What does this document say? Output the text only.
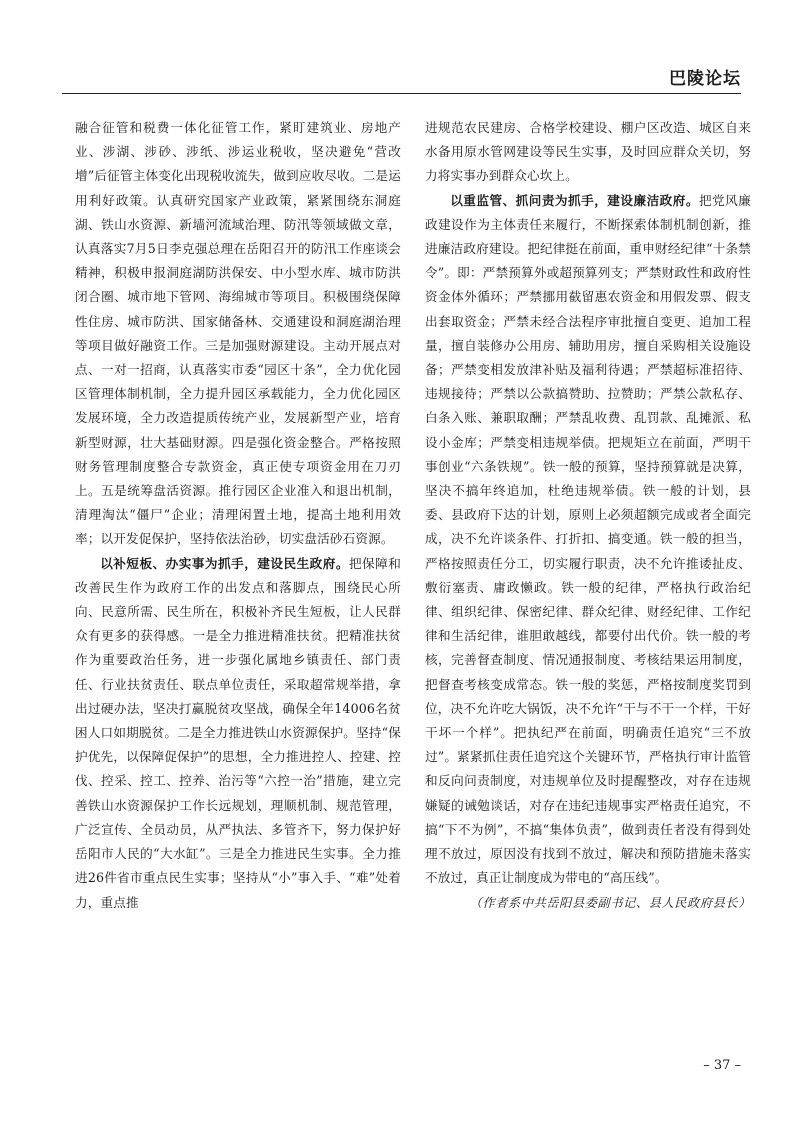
巴陵论坛

融合征管和税费一体化征管工作，紧盯建筑业、房地产业、涉湖、涉砂、涉纸、涉运业税收，坚决避免“营改增”后征管主体变化出现税收流失，做到应收尽收。二是运用利好政策。认真研究国家产业政策，紧紧围绕东洞庭湖、铁山水资源、新墙河流域治理、防汛等领域做文章，认真落实7月5日李克强总理在岳阳召开的防汛工作座谈会精神，积极申报洞庭湖防洪保安、中小型水库、城市防洪闭合圈、城市地下管网、海绵城市等项目。积极围绕保障性住房、城市防洪、国家储备林、交通建设和洞庭湖治理等项目做好融资工作。三是加强财源建设。主动开展点对点、一对一招商，认真落实市委“园区十条”，全力优化园区管理体制机制，全力提升园区承载能力，全力优化园区发展环境，全力改造提质传统产业，发展新型产业，培育新型财源，壮大基础财源。四是强化资金整合。严格按照财务管理制度整合专款资金，真正使专项资金用在刀刃上。五是统筹盘活资源。推行园区企业准入和退出机制，清理淘汰“僵尸”企业；清理闲置土地，提高土地利用效率；以开发促保护，坚持依法治砂，切实盘活砂石资源。

以补短板、办实事为抓手，建设民生政府。把保障和改善民生作为政府工作的出发点和落脚点，围绕民心所向、民意所需、民生所在，积极补齐民生短板，让人民群众有更多的获得感。一是全力推进精准扶贫。把精准扶贫作为重要政治任务，进一步强化属地乡镇责任、部门责任、行业扶贫责任、联点单位责任，采取超常规举措，拿出过硬办法，坚决打赢脱贫攻坚战，确保全年14006名贫困人口如期脱贫。二是全力推进铁山水资源保护。坚持“保护优先，以保障促保护”的思想，全力推进控人、控建、控伐、控采、控工、控养、治污等“六控一治”措施，建立完善铁山水资源保护工作长远规划，理顺机制、规范管理，广泛宣传、全员动员，从严执法、多管齐下，努力保护好岳阳市人民的“大水缸”。三是全力推进民生实事。全力推进26件省市重点民生实事；坚持从“小”事入手、“难”处着力，重点推

进规范农民建房、合格学校建设、棚户区改造、城区自来水备用原水管网建设等民生实事，及时回应群众关切，努力将实事办到群众心坎上。

以重监管、抓问责为抓手，建设廉洁政府。把党风廉政建设作为主体责任来履行，不断探索体制机制创新，推进廉洁政府建设。把纪律挺在前面，重申财经纪律“十条禁令”。即：严禁预算外或超预算列支；严禁财政性和政府性资金体外循环；严禁挪用截留惠农资金和用假发票、假支出套取资金；严禁未经合法程序审批擅自变更、追加工程量，擅自装修办公用房、辅助用房，擅自采购相关设施设备；严禁变相发放津补贴及福利待遇；严禁超标准招待、违规接待；严禁以公款搞赞助、拉赞助；严禁公款私存、白条入账、兼职取酬；严禁乱收费、乱罚款、乱摊派、私设小金库；严禁变相违规举债。把规矩立在前面，严明干事创业“六条铁规”。铁一般的预算，坚持预算就是决算，坚决不搞年终追加，杜绝违规举债。铁一般的计划，县委、县政府下达的计划，原则上必须超额完成或者全面完成，决不允许谈条件、打折扣、搞变通。铁一般的担当，严格按照责任分工，切实履行职责，决不允许推诿扯皮、敷衍塞责、庸政懒政。铁一般的纪律，严格执行政治纪律、组织纪律、保密纪律、群众纪律、财经纪律、工作纪律和生活纪律，谁胆敢越线，都要付出代价。铁一般的考核，完善督查制度、情况通报制度、考核结果运用制度，把督查考核变成常态。铁一般的奖惩，严格按制度奖罚到位，决不允许吃大锅饭，决不允许“干与不干一个样，干好干坏一个样”。把执纪严在前面，明确责任追究“三不放过”。紧紧抓住责任追究这个关键环节，严格执行审计监管和反向问责制度，对违规单位及时提醒整改，对存在违规嫌疑的诫勉谈话，对存在违纪违规事实严格责任追究，不搞“下不为例”，不搞“集体负责”，做到责任者没有得到处理不放过，原因没有找到不放过，解决和预防措施未落实不放过，真正让制度成为带电的“高压线”。

（作者系中共岳阳县委副书记、县人民政府县长）

– 37 –
